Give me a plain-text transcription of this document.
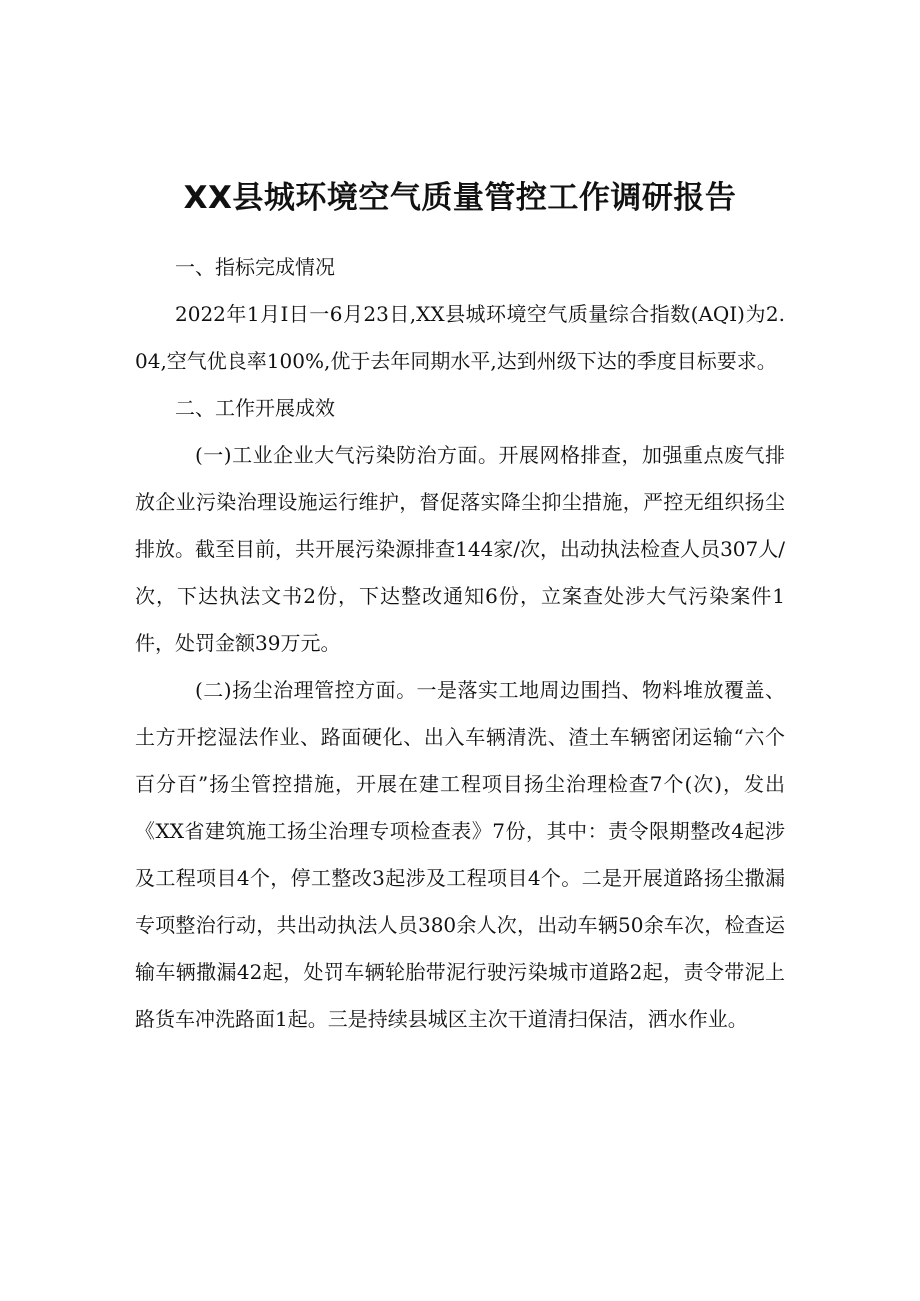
XX县城环境空气质量管控工作调研报告

一、指标完成情况

2022年1月I日一6月23日,XX县城环境空气质量综合指数(AQI)为2.04,空气优良率100%,优于去年同期水平,达到州级下达的季度目标要求。

二、工作开展成效

(一)工业企业大气污染防治方面。开展网格排查，加强重点废气排放企业污染治理设施运行维护，督促落实降尘抑尘措施，严控无组织扬尘排放。截至目前，共开展污染源排查144家/次，出动执法检查人员307人/次，下达执法文书2份，下达整改通知6份，立案查处涉大气污染案件1件，处罚金额39万元。

(二)扬尘治理管控方面。一是落实工地周边围挡、物料堆放覆盖、土方开挖湿法作业、路面硬化、出入车辆清洗、渣土车辆密闭运输“六个百分百”扬尘管控措施，开展在建工程项目扬尘治理检查7个(次)，发出《XX省建筑施工扬尘治理专项检查表》7份，其中：责令限期整改4起涉及工程项目4个，停工整改3起涉及工程项目4个。二是开展道路扬尘撒漏专项整治行动，共出动执法人员380余人次，出动车辆50余车次，检查运输车辆撒漏42起，处罚车辆轮胎带泥行驶污染城市道路2起，责令带泥上路货车冲洗路面1起。三是持续县城区主次干道清扫保洁，洒水作业。
